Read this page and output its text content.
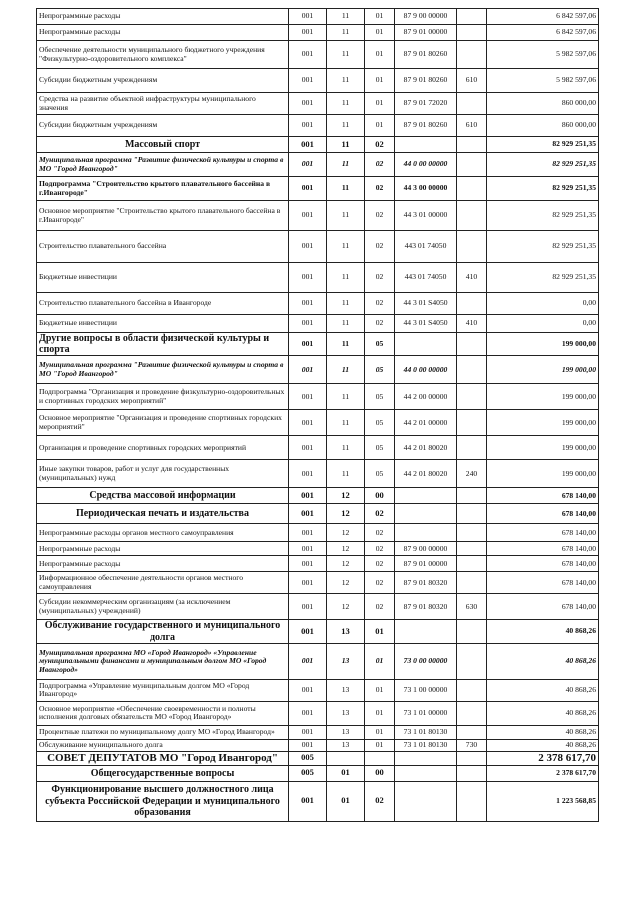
Непрограммные расходы	001	11	01	87 9 00 00000		6 842 597,06
Непрограммные расходы	001	11	01	87 9 01 00000		6 842 597,06
Обеспечение деятельности муниципального бюджетного учреждения "Физкультурно-оздоровительного комплекса"	001	11	01	87 9 01 80260		5 982 597,06
Субсидии бюджетным учреждениям	001	11	01	87 9 01 80260	610	5 982 597,06
Средства на развитие объектной инфраструктуры муниципального значения	001	11	01	87 9 01 72020		860 000,00
Субсидии бюджетным учреждениям	001	11	01	87 9 01 80260	610	860 000,00
Массовый спорт	001	11	02			82 929 251,35
Муниципальная программа "Развитие физической культуры и спорта в МО "Город Ивангород"	001	11	02	44 0 00 00000		82 929 251,35
Подпрограмма "Строительство крытого плавательного бассейна в г.Ивангороде"	001	11	02	44 3 00 00000		82 929 251,35
Основное мероприятие "Строительство крытого плавательного бассейна в г.Ивангороде"	001	11	02	44 3 01 00000		82 929 251,35
Строительство плавательного бассейна	001	11	02	443 01 74050		82 929 251,35
Бюджетные инвестиции	001	11	02	443 01 74050	410	82 929 251,35
Строительство плавательного бассейна в Ивангороде	001	11	02	44 3 01 S4050		0,00
Бюджетные инвестиции	001	11	02	44 3 01 S4050	410	0,00
Другие вопросы в области физической культуры и спорта	001	11	05			199 000,00
Муниципальная программа "Развитие физической культуры и спорта в МО "Город Ивангород"	001	11	05	44 0 00 00000		199 000,00
Подпрограмма "Организация и проведение физкультурно-оздоровительных и спортивных городских мероприятий"	001	11	05	44 2 00 00000		199 000,00
Основное мероприятие "Организация и проведение спортивных городских мероприятий"	001	11	05	44 2 01 00000		199 000,00
Организация и проведение спортивных городских мероприятий	001	11	05	44 2 01 80020		199 000,00
Иные закупки товаров, работ и услуг для государственных (муниципальных) нужд	001	11	05	44 2 01 80020	240	199 000,00
Средства массовой информации	001	12	00			678 140,00
Периодическая печать и издательства	001	12	02			678 140,00
Непрограммные расходы органов местного самоуправления	001	12	02			678 140,00
Непрограммные расходы	001	12	02	87 9 00 00000		678 140,00
Непрограммные расходы	001	12	02	87 9 01 00000		678 140,00
Информационное обеспечение деятельности органов местного самоуправления	001	12	02	87 9 01 80320		678 140,00
Субсидии некоммерческим организациям (за исключением (муниципальных) учреждений)	001	12	02	87 9 01 80320	630	678 140,00
Обслуживание государственного и муниципального долга	001	13	01			40 868,26
Муниципальная программа МО «Город Ивангород» «Управление муниципальными финансами и муниципальным долгом МО «Город Ивангород»	001	13	01	73 0 00 00000		40 868,26
Подпрограмма «Управление муниципальным долгом МО «Город Ивангород»	001	13	01	73 1 00 00000		40 868,26
Основное мероприятие «Обеспечение своевременности и полноты исполнения долговых обязательств МО «Город Ивангород»	001	13	01	73 1 01 00000		40 868,26
Процентные платежи по муниципальному долгу МО «Город Ивангород»	001	13	01	73 1 01 80130		40 868,26
Обслуживание муниципального долга	001	13	01	73 1 01 80130	730	40 868,26
СОВЕТ ДЕПУТАТОВ МО "Город Ивангород"	005					2 378 617,70
Общегосударственные вопросы	005	01	00			2 378 617,70
Функционирование высшего должностного лица субъекта Российской Федерации и муниципального образования	001	01	02			1 223 568,85
